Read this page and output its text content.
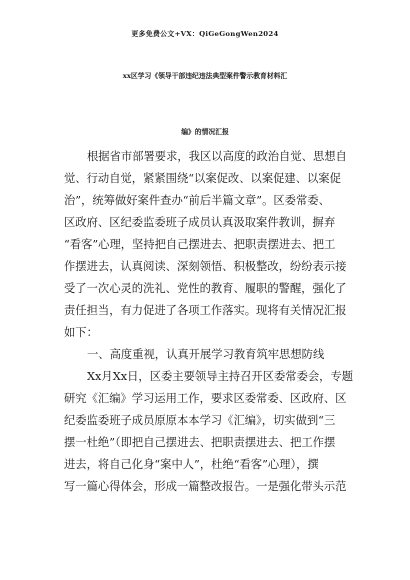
更多免费公文+VX：QiGeGongWen2024
xx区学习《领导干部违纪违法典型案件警示教育材料汇
编》的情况汇报
根据省市部署要求，我区以高度的政治自觉、思想自
觉、行动自觉，紧紧围绕“以案促改、以案促建、以案促
治”，统筹做好案件查办“前后半篇文章”。区委常委、
区政府、区纪委监委班子成员认真汲取案件教训，摒弃
“看客”心理，坚持把自己摆进去、把职责摆进去、把工
作摆进去，认真阅读、深刻领悟、积极整改，纷纷表示接
受了一次心灵的洗礼、党性的教育、履职的警醒，强化了
责任担当，有力促进了各项工作落实。现将有关情况汇报
如下：
一、高度重视，认真开展学习教育筑牢思想防线
Xx月Xx日，区委主要领导主持召开区委常委会，专题
研究《汇编》学习运用工作，要求区委常委、区政府、区
纪委监委班子成员原原本本学习《汇编》，切实做到“三
摆一杜绝”（即把自己摆进去、把职责摆进去、把工作摆
进去，将自己化身“案中人”，杜绝“看客”心理），撰
写一篇心得体会，形成一篇整改报告。一是强化带头示范
